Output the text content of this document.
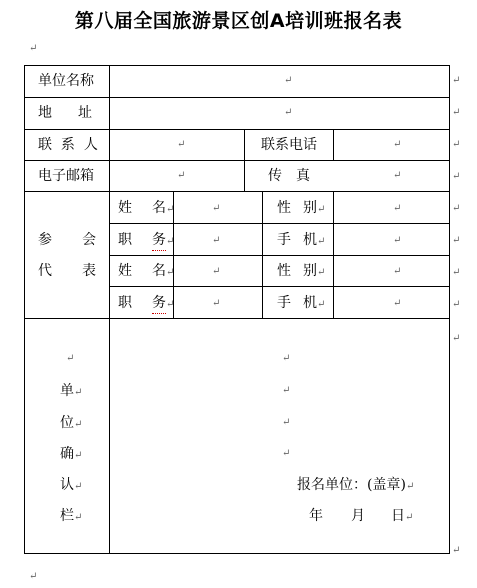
第八届全国旅游景区创A培训班报名表
↵
↵
↵
↵
↵
↵
↵
↵
↵
↵
↵
↵
单位名称	↵
地 址	↵
联 系 人	↵	联系电话	↵
电子邮箱	↵	传 真	↵
参 会
代 表
姓 名↵	↵	性 别↵	↵
职 务↵	↵	手 机↵	↵
姓 名↵	↵	性 别↵	↵
职 务↵	↵	手 机↵	↵
↵
单↵
位↵
确↵
认↵
栏↵
↵
↵
↵
↵
报名单位：(盖章)↵
年 月 日↵
